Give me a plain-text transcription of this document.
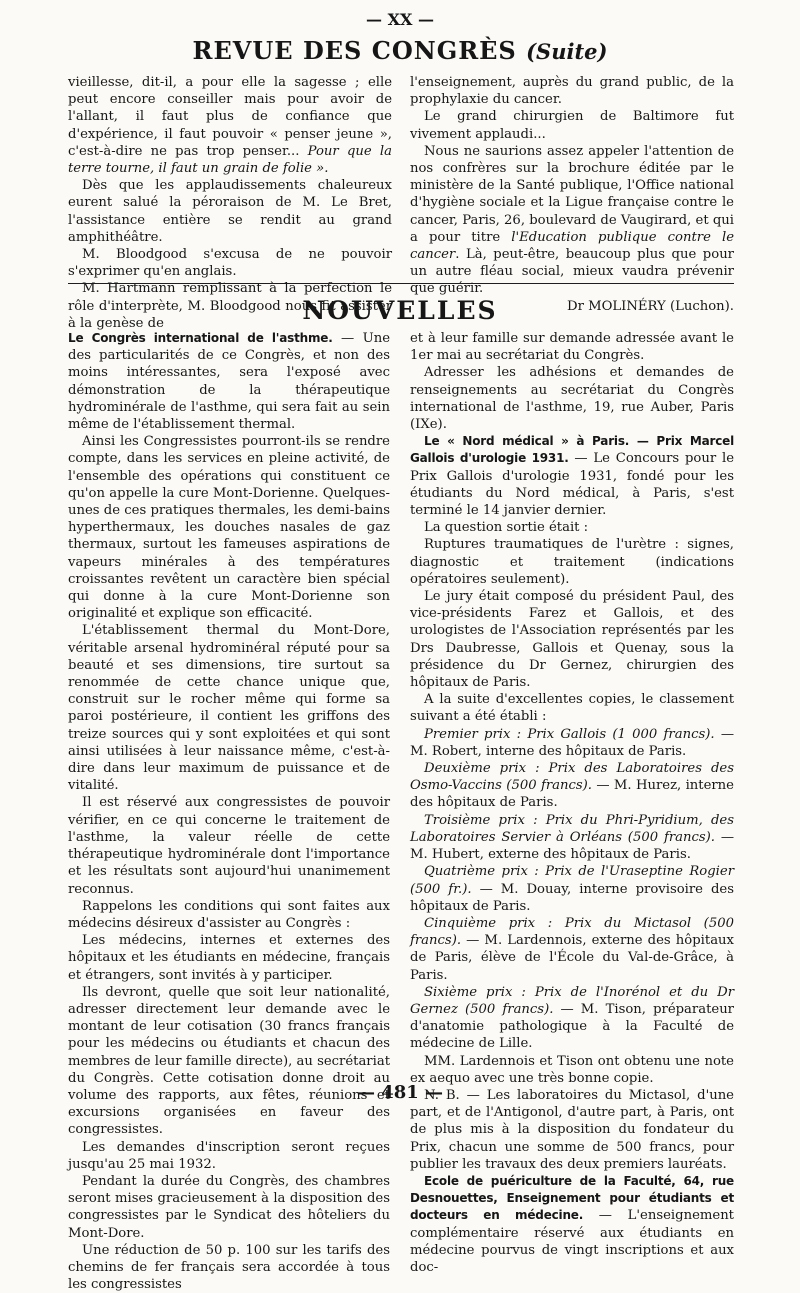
— XX —
REVUE DES CONGRÈS (Suite)

vieillesse, dit-il, a pour elle la sagesse ; elle peut encore conseiller mais pour avoir de l'allant, il faut plus de confiance que d'expérience, il faut pouvoir « penser jeune », c'est-à-dire ne pas trop penser... Pour que la terre tourne, il faut un grain de folie ».

Dès que les applaudissements chaleureux eurent salué la péroraison de M. Le Bret, l'assistance entière se rendit au grand amphithéâtre.

M. Bloodgood s'excusa de ne pouvoir s'exprimer qu'en anglais.

M. Hartmann remplissant à la perfection le rôle d'interprète, M. Bloodgood nous fit assister à la genèse de

l'enseignement, auprès du grand public, de la prophylaxie du cancer.

Le grand chirurgien de Baltimore fut vivement applaudi...

Nous ne saurions assez appeler l'attention de nos confrères sur la brochure éditée par le ministère de la Santé publique, l'Office national d'hygiène sociale et la Ligue française contre le cancer, Paris, 26, boulevard de Vaugirard, et qui a pour titre l'Education publique contre le cancer. Là, peut-être, beaucoup plus que pour un autre fléau social, mieux vaudra prévenir que guérir.

Dr MOLINÉRY (Luchon).

NOUVELLES

Le Congrès international de l'asthme. — Une des particularités de ce Congrès, et non des moins intéressantes, sera l'exposé avec démonstration de la thérapeutique hydrominérale de l'asthme, qui sera fait au sein même de l'établissement thermal.

Ainsi les Congressistes pourront-ils se rendre compte, dans les services en pleine activité, de l'ensemble des opérations qui constituent ce qu'on appelle la cure Mont-Dorienne. Quelques-unes de ces pratiques thermales, les demi-bains hyperthermaux, les douches nasales de gaz thermaux, surtout les fameuses aspirations de vapeurs minérales à des températures croissantes revêtent un caractère bien spécial qui donne à la cure Mont-Dorienne son originalité et explique son efficacité.

L'établissement thermal du Mont-Dore, véritable arsenal hydrominéral réputé pour sa beauté et ses dimensions, tire surtout sa renommée de cette chance unique que, construit sur le rocher même qui forme sa paroi postérieure, il contient les griffons des treize sources qui y sont exploitées et qui sont ainsi utilisées à leur naissance même, c'est-à-dire dans leur maximum de puissance et de vitalité.

Il est réservé aux congressistes de pouvoir vérifier, en ce qui concerne le traitement de l'asthme, la valeur réelle de cette thérapeutique hydrominérale dont l'importance et les résultats sont aujourd'hui unanimement reconnus.

Rappelons les conditions qui sont faites aux médecins désireux d'assister au Congrès :

Les médecins, internes et externes des hôpitaux et les étudiants en médecine, français et étrangers, sont invités à y participer.

Ils devront, quelle que soit leur nationalité, adresser directement leur demande avec le montant de leur cotisation (30 francs français pour les médecins ou étudiants et chacun des membres de leur famille directe), au secrétariat du Congrès. Cette cotisation donne droit au volume des rapports, aux fêtes, réunions et excursions organisées en faveur des congressistes.

Les demandes d'inscription seront reçues jusqu'au 25 mai 1932.

Pendant la durée du Congrès, des chambres seront mises gracieusement à la disposition des congressistes par le Syndicat des hôteliers du Mont-Dore.

Une réduction de 50 p. 100 sur les tarifs des chemins de fer français sera accordée à tous les congressistes

et à leur famille sur demande adressée avant le 1er mai au secrétariat du Congrès.

Adresser les adhésions et demandes de renseignements au secrétariat du Congrès international de l'asthme, 19, rue Auber, Paris (IXe).

Le « Nord médical » à Paris. — Prix Marcel Gallois d'urologie 1931. — Le Concours pour le Prix Gallois d'urologie 1931, fondé pour les étudiants du Nord médical, à Paris, s'est terminé le 14 janvier dernier.

La question sortie était :

Ruptures traumatiques de l'urètre : signes, diagnostic et traitement (indications opératoires seulement).

Le jury était composé du président Paul, des vice-présidents Farez et Gallois, et des urologistes de l'Association représentés par les Drs Daubresse, Gallois et Quenay, sous la présidence du Dr Gernez, chirurgien des hôpitaux de Paris.

A la suite d'excellentes copies, le classement suivant a été établi :

Premier prix : Prix Gallois (1 000 francs). — M. Robert, interne des hôpitaux de Paris.

Deuxième prix : Prix des Laboratoires des Osmo-Vaccins (500 francs). — M. Hurez, interne des hôpitaux de Paris.

Troisième prix : Prix du Phri-Pyridium, des Laboratoires Servier à Orléans (500 francs). — M. Hubert, externe des hôpitaux de Paris.

Quatrième prix : Prix de l'Uraseptine Rogier (500 fr.). — M. Douay, interne provisoire des hôpitaux de Paris.

Cinquième prix : Prix du Mictasol (500 francs). — M. Lardennois, externe des hôpitaux de Paris, élève de l'École du Val-de-Grâce, à Paris.

Sixième prix : Prix de l'Inorénol et du Dr Gernez (500 francs). — M. Tison, préparateur d'anatomie pathologique à la Faculté de médecine de Lille.

MM. Lardennois et Tison ont obtenu une note ex aequo avec une très bonne copie.

N. B. — Les laboratoires du Mictasol, d'une part, et de l'Antigonol, d'autre part, à Paris, ont de plus mis à la disposition du fondateur du Prix, chacun une somme de 500 francs, pour publier les travaux des deux premiers lauréats.

Ecole de puériculture de la Faculté, 64, rue Desnouettes, Enseignement pour étudiants et docteurs en médecine. — L'enseignement complémentaire réservé aux étudiants en médecine pourvus de vingt inscriptions et aux doc-

— 481 —
